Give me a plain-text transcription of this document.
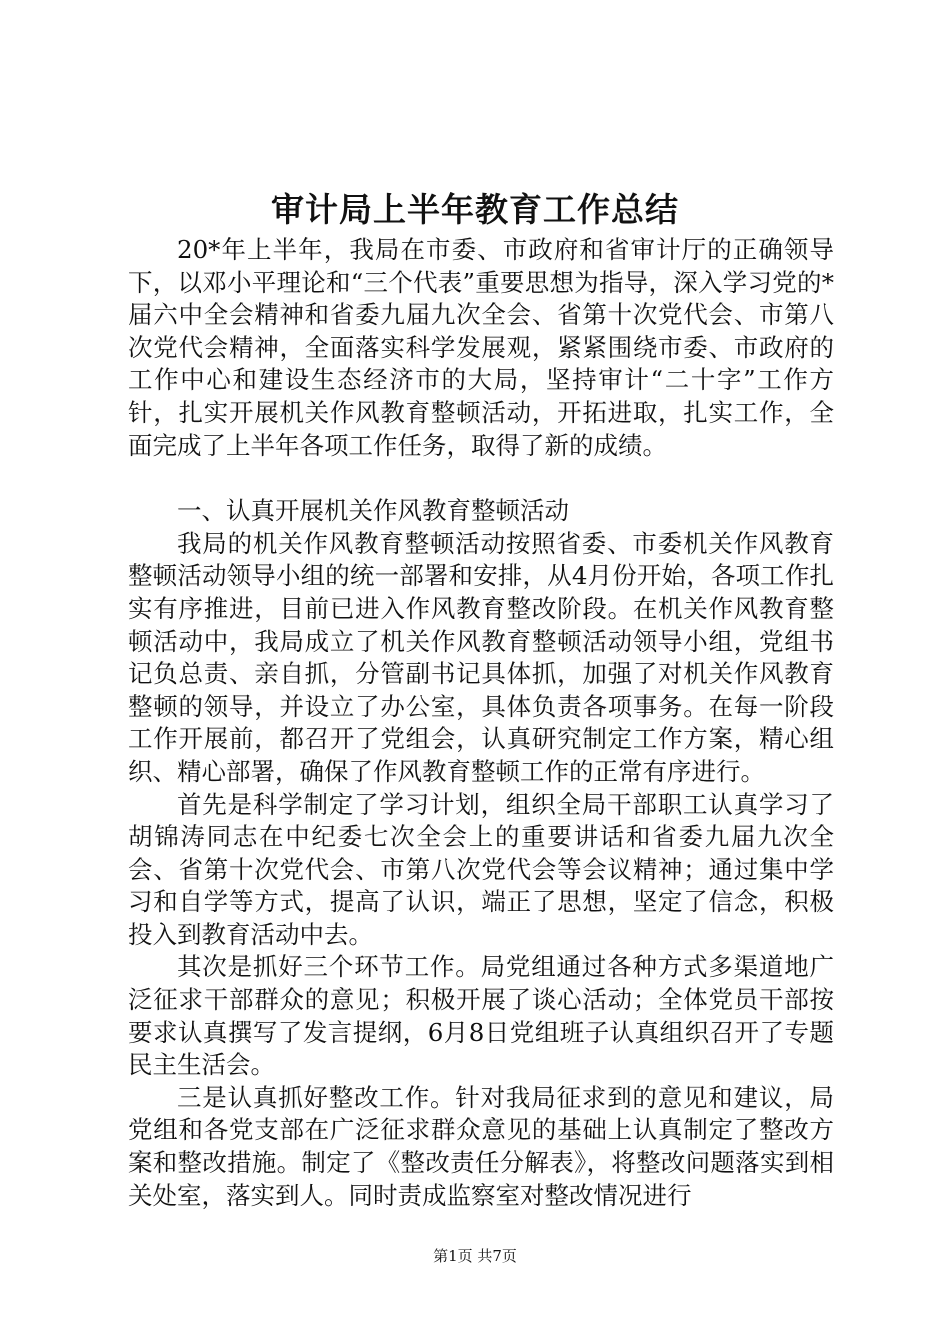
审计局上半年教育工作总结

20*年上半年，我局在市委、市政府和省审计厅的正确领导下，以邓小平理论和“三个代表”重要思想为指导，深入学习党的*届六中全会精神和省委九届九次全会、省第十次党代会、市第八次党代会精神，全面落实科学发展观，紧紧围绕市委、市政府的工作中心和建设生态经济市的大局，坚持审计“二十字”工作方针，扎实开展机关作风教育整顿活动，开拓进取，扎实工作，全面完成了上半年各项工作任务，取得了新的成绩。

一、认真开展机关作风教育整顿活动

我局的机关作风教育整顿活动按照省委、市委机关作风教育整顿活动领导小组的统一部署和安排，从4月份开始，各项工作扎实有序推进，目前已进入作风教育整改阶段。在机关作风教育整顿活动中，我局成立了机关作风教育整顿活动领导小组，党组书记负总责、亲自抓，分管副书记具体抓，加强了对机关作风教育整顿的领导，并设立了办公室，具体负责各项事务。在每一阶段工作开展前，都召开了党组会，认真研究制定工作方案，精心组织、精心部署，确保了作风教育整顿工作的正常有序进行。

首先是科学制定了学习计划，组织全局干部职工认真学习了胡锦涛同志在中纪委七次全会上的重要讲话和省委九届九次全会、省第十次党代会、市第八次党代会等会议精神；通过集中学习和自学等方式，提高了认识，端正了思想，坚定了信念，积极投入到教育活动中去。

其次是抓好三个环节工作。局党组通过各种方式多渠道地广泛征求干部群众的意见；积极开展了谈心活动；全体党员干部按要求认真撰写了发言提纲，6月8日党组班子认真组织召开了专题民主生活会。

三是认真抓好整改工作。针对我局征求到的意见和建议，局党组和各党支部在广泛征求群众意见的基础上认真制定了整改方案和整改措施。制定了《整改责任分解表》，将整改问题落实到相关处室，落实到人。同时责成监察室对整改情况进行

第1页 共7页
